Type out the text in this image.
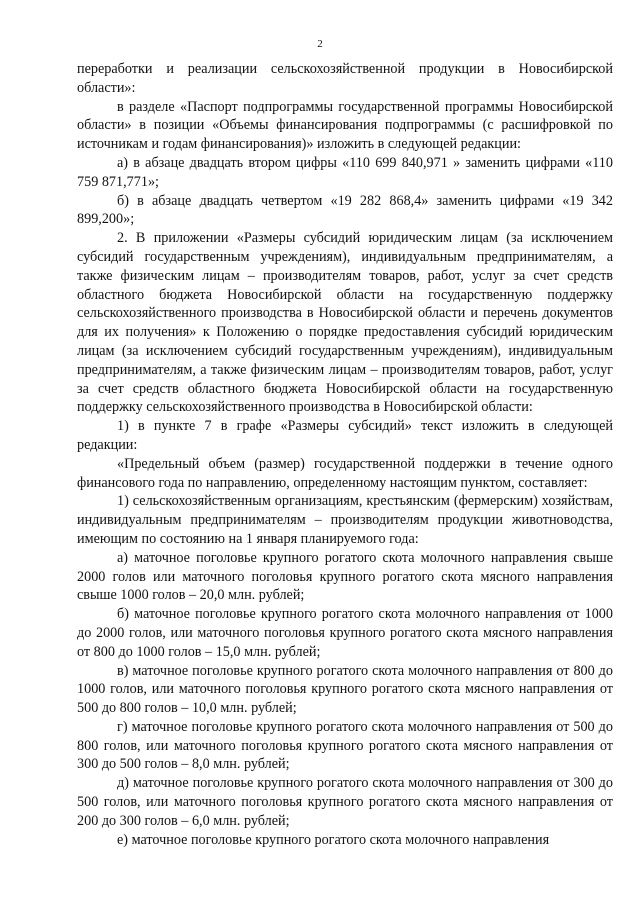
2

переработки и реализации сельскохозяйственной продукции в Новосибирской области»:

в разделе «Паспорт подпрограммы государственной программы Новосибирской области» в позиции «Объемы финансирования подпрограммы (с расшифровкой по источникам и годам финансирования)» изложить в следующей редакции:

а) в абзаце двадцать втором цифры «110 699 840,971 » заменить цифрами «110 759 871,771»;

б) в абзаце двадцать четвертом «19 282 868,4» заменить цифрами «19 342 899,200»;

2. В приложении «Размеры субсидий юридическим лицам (за исключением субсидий государственным учреждениям), индивидуальным предпринимателям, а также физическим лицам – производителям товаров, работ, услуг за счет средств областного бюджета Новосибирской области на государственную поддержку сельскохозяйственного производства в Новосибирской области и перечень документов для их получения» к Положению о порядке предоставления субсидий юридическим лицам (за исключением субсидий государственным учреждениям), индивидуальным предпринимателям, а также физическим лицам – производителям товаров, работ, услуг за счет средств областного бюджета Новосибирской области на государственную поддержку сельскохозяйственного производства в Новосибирской области:

1) в пункте 7 в графе «Размеры субсидий» текст изложить в следующей редакции:

«Предельный объем (размер) государственной поддержки в течение одного финансового года по направлению, определенному настоящим пунктом, составляет:

1) сельскохозяйственным организациям, крестьянским (фермерским) хозяйствам, индивидуальным предпринимателям – производителям продукции животноводства, имеющим по состоянию на 1 января планируемого года:

а) маточное поголовье крупного рогатого скота молочного направления свыше 2000 голов или маточного поголовья крупного рогатого скота мясного направления свыше 1000 голов – 20,0 млн. рублей;

б) маточное поголовье крупного рогатого скота молочного направления от 1000 до 2000 голов, или маточного поголовья крупного рогатого скота мясного направления от 800 до 1000 голов – 15,0 млн. рублей;

в) маточное поголовье крупного рогатого скота молочного направления от 800 до 1000 голов, или маточного поголовья крупного рогатого скота мясного направления от 500 до 800 голов – 10,0 млн. рублей;

г) маточное поголовье крупного рогатого скота молочного направления от 500 до 800 голов, или маточного поголовья крупного рогатого скота мясного направления от 300 до 500 голов – 8,0 млн. рублей;

д) маточное поголовье крупного рогатого скота молочного направления от 300 до 500 голов, или маточного поголовья крупного рогатого скота мясного направления от 200 до 300 голов – 6,0 млн. рублей;

е) маточное поголовье крупного рогатого скота молочного направления
